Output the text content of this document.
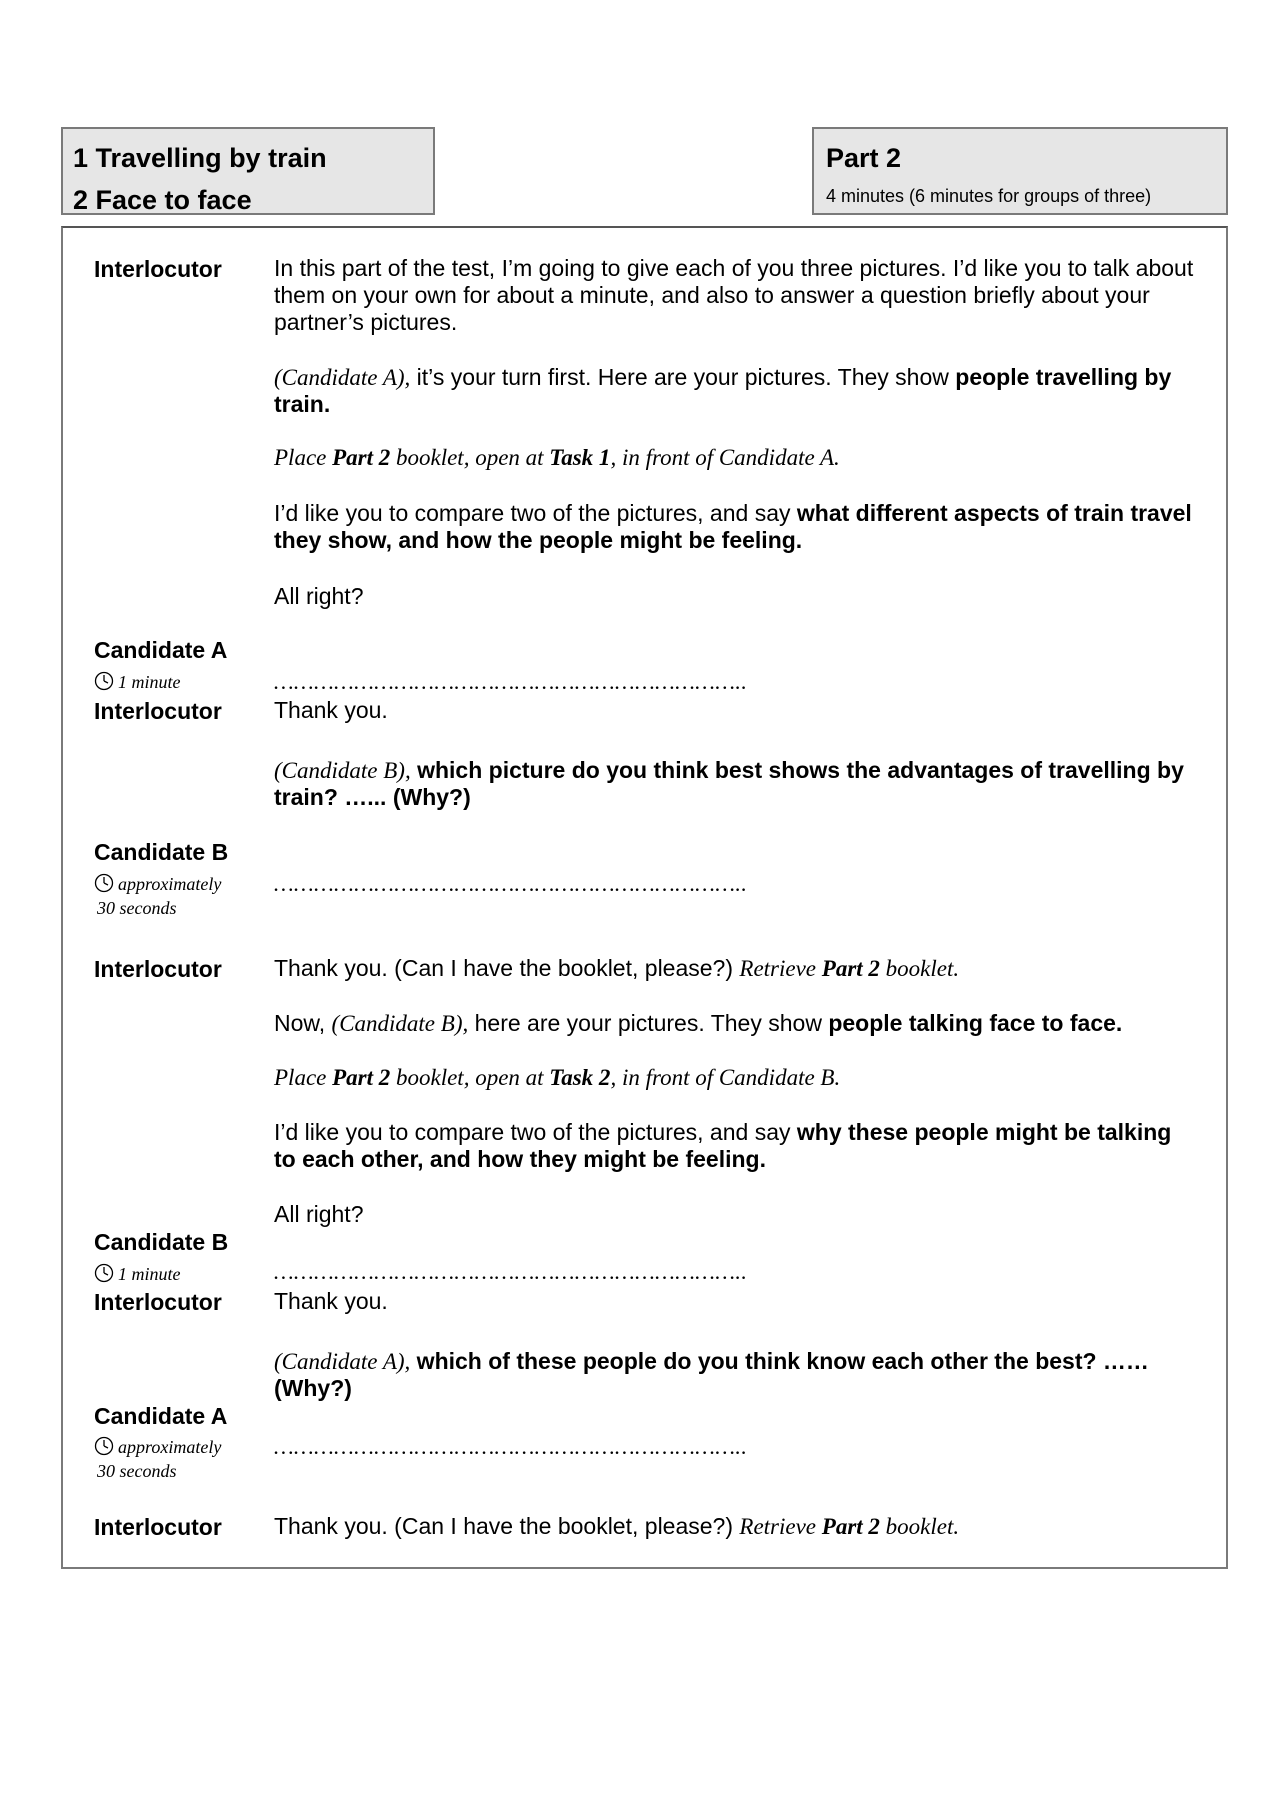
1 Travelling by train
2 Face to face
Part 2
4 minutes (6 minutes for groups of three)
Interlocutor In this part of the test, I’m going to give each of you three pictures. I’d like you to talk about them on your own for about a minute, and also to answer a question briefly about your partner’s pictures.
(Candidate A), it’s your turn first. Here are your pictures. They show people travelling by train.
Place Part 2 booklet, open at Task 1, in front of Candidate A.
I’d like you to compare two of the pictures, and say what different aspects of train travel they show, and how the people might be feeling.
All right?
Candidate A
1 minute	……………………………………………………………..
Interlocutor Thank you.
(Candidate B), which picture do you think best shows the advantages of travelling by train? …... (Why?)
Candidate B
approximately
30 seconds
……………………………………………………………..
Interlocutor Thank you. (Can I have the booklet, please?) Retrieve Part 2 booklet.
Now, (Candidate B), here are your pictures. They show people talking face to face.
Place Part 2 booklet, open at Task 2, in front of Candidate B.
I’d like you to compare two of the pictures, and say why these people might be talking to each other, and how they might be feeling.
All right?
Candidate B
1 minute	……………………………………………………………..
Interlocutor Thank you.
(Candidate A), which of these people do you think know each other the best? …… (Why?)
Candidate A
approximately
30 seconds
……………………………………………………………..
Interlocutor Thank you. (Can I have the booklet, please?) Retrieve Part 2 booklet.
